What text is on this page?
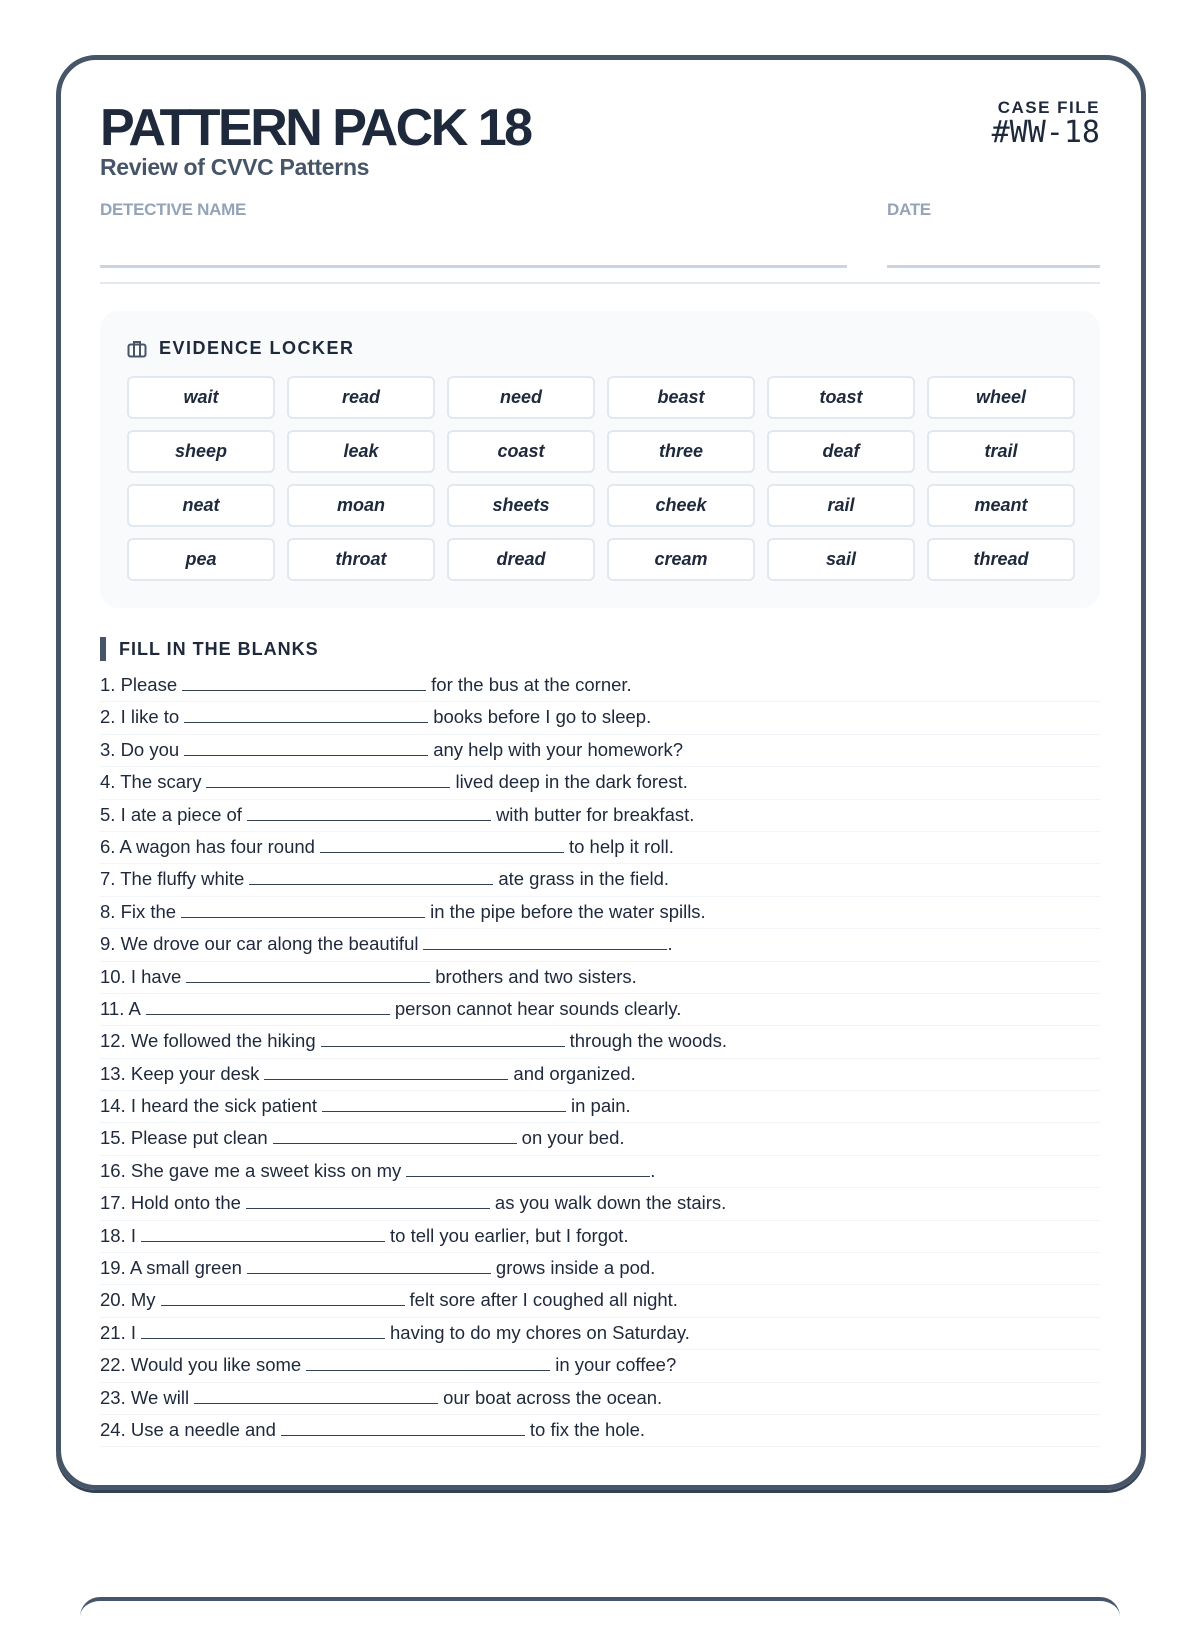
PATTERN PACK 18
Review of CVVC Patterns
CASE FILE
#WW-18
DETECTIVE NAME	DATE
EVIDENCE LOCKER
wait	read	need	beast	toast	wheel
sheep	leak	coast	three	deaf	trail
neat	moan	sheets	cheek	rail	meant
pea	throat	dread	cream	sail	thread
FILL IN THE BLANKS
1. Please	for the bus at the corner.
2. I like to	books before I go to sleep.
3. Do you	any help with your homework?
4. The scary	lived deep in the dark forest.
5. I ate a piece of	with butter for breakfast.
6. A wagon has four round	to help it roll.
7. The fluffy white	ate grass in the field.
8. Fix the	in the pipe before the water spills.
9. We drove our car along the beautiful	.
10. I have	brothers and two sisters.
11. A	person cannot hear sounds clearly.
12. We followed the hiking	through the woods.
13. Keep your desk	and organized.
14. I heard the sick patient	in pain.
15. Please put clean	on your bed.
16. She gave me a sweet kiss on my	.
17. Hold onto the	as you walk down the stairs.
18. I	to tell you earlier, but I forgot.
19. A small green	grows inside a pod.
20. My	felt sore after I coughed all night.
21. I	having to do my chores on Saturday.
22. Would you like some	in your coffee?
23. We will	our boat across the ocean.
24. Use a needle and	to fix the hole.
